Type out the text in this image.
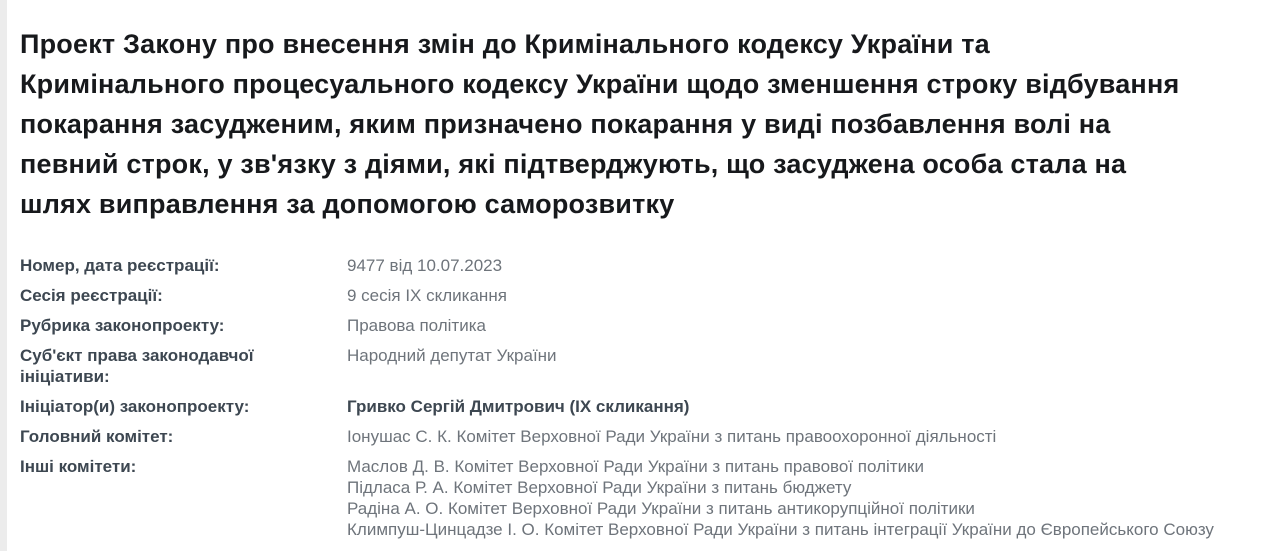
Проект Закону про внесення змін до Кримінального кодексу України та
Кримінального процесуального кодексу України щодо зменшення строку відбування
покарання засудженим, яким призначено покарання у виді позбавлення волі на
певний строк, у зв'язку з діями, які підтверджують, що засуджена особа стала на
шлях виправлення за допомогою саморозвитку
Номер, дата реєстрації:	9477 від 10.07.2023
Сесія реєстрації:	9 сесія IX скликання
Рубрика законопроекту:	Правова політика
Суб'єкт права законодавчої ініціативи:
Народний депутат України
Ініціатор(и) законопроекту:	Гривко Сергій Дмитрович (IX скликання)
Головний комітет:	Іонушас С. К. Комітет Верховної Ради України з питань правоохоронної діяльності
Інші комітети:	Маслов Д. В. Комітет Верховної Ради України з питань правової політики
Підласа Р. А. Комітет Верховної Ради України з питань бюджету
Радіна А. О. Комітет Верховної Ради України з питань антикорупційної політики
Климпуш-Цинцадзе І. О. Комітет Верховної Ради України з питань інтеграції України до Європейського Союзу
